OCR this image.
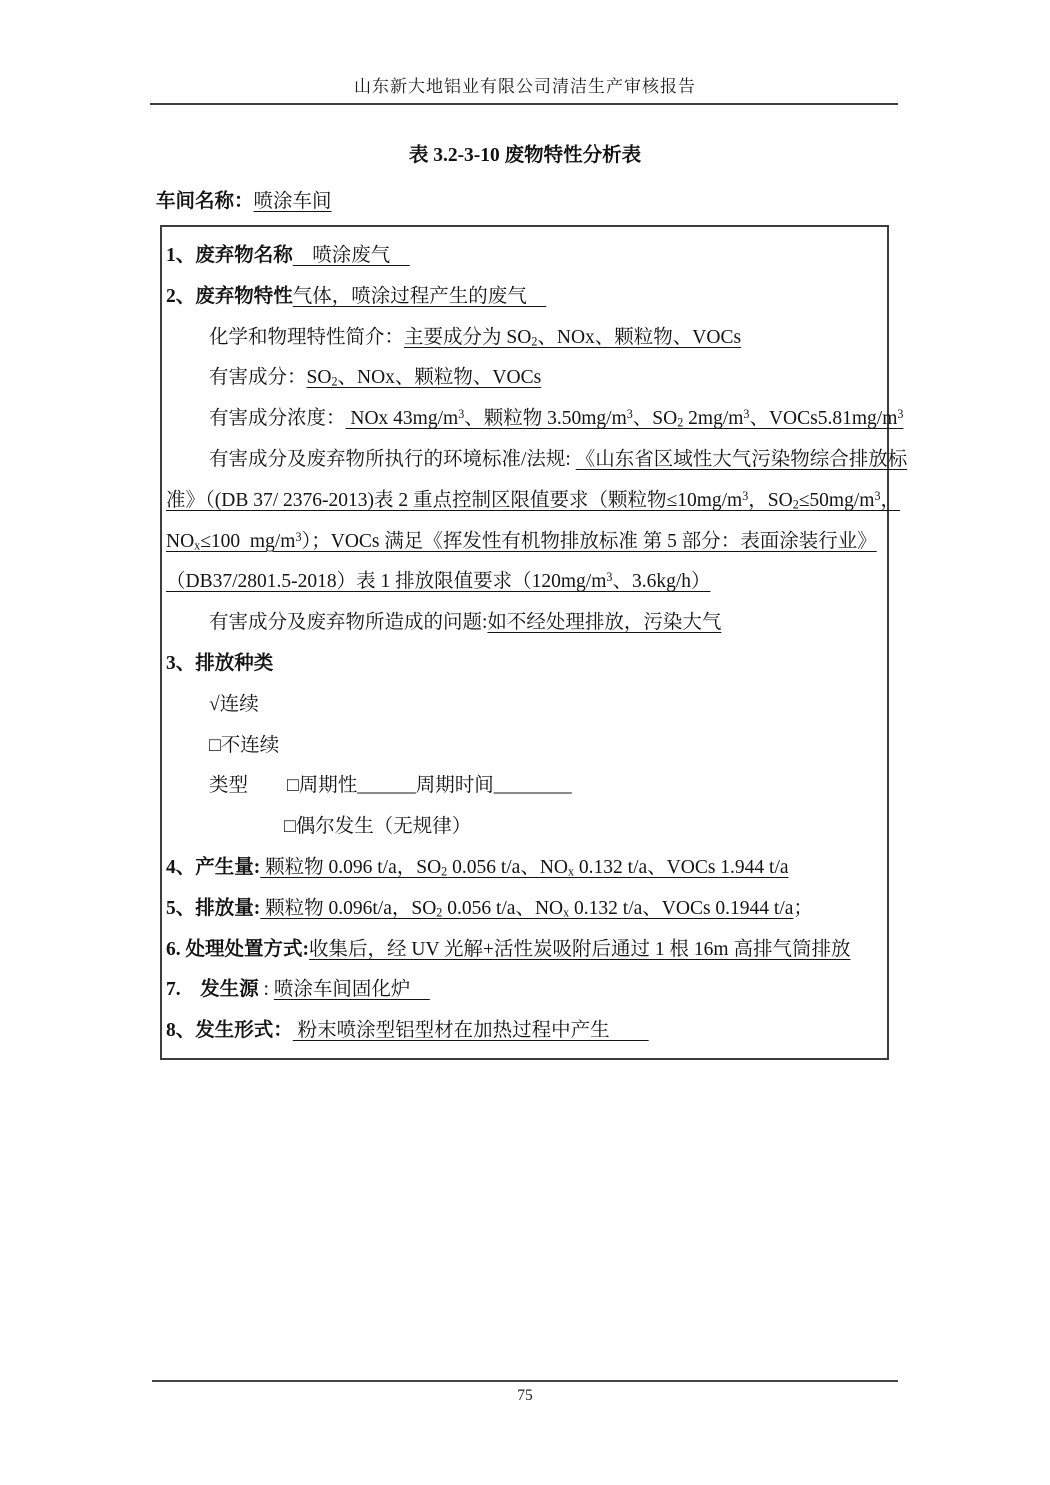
山东新大地铝业有限公司清洁生产审核报告
表 3.2-3-10 废物特性分析表
车间名称：喷涂车间
1、废弃物名称　喷涂废气　
2、废弃物特性气体，喷涂过程产生的废气　
化学和物理特性简介：主要成分为 $SO_2$、NOx、颗粒物、VOCs
有害成分：$SO_2$、NOx、颗粒物、VOCs
有害成分浓度： NOx $43mg/m^3$、颗粒物 $3.50mg/m^3$、$SO_2$ $2mg/m^3$、$VOCs5.81mg/m^3$
有害成分及废弃物所执行的环境标准/法规: 《山东省区域性大气污染物综合排放标
准》（(DB 37/ 2376-2013)表 2 重点控制区限值要求（颗粒物$\le 10mg/m^3$，$SO_2\le 50mg/m^3$，
$NO_x\le 100$  $mg/m^3$）；VOCs 满足《挥发性有机物排放标准 第 5 部分：表面涂装行业》
（DB37/2801.5-2018）表 1 排放限值要求（$120mg/m^3$、3.6kg/h）
有害成分及废弃物所造成的问题:如不经处理排放，污染大气
3、排放种类
√连续
□不连续
类型　　□周期性______周期时间________
□偶尔发生（无规律）
4、产生量: 颗粒物 0.096 t/a，$SO_2$ 0.056 t/a、$NO_x$ 0.132 t/a、VOCs 1.944 t/a
5、排放量: 颗粒物 0.096t/a，$SO_2$ 0.056 t/a、$NO_x$ 0.132 t/a、VOCs 0.1944 t/a；
6. 处理处置方式:收集后，经 UV 光解+活性炭吸附后通过 1 根 16m 高排气筒排放
7.　发生源 : 喷涂车间固化炉　
8、发生形式： 粉末喷涂型铝型材在加热过程中产生　　
75
